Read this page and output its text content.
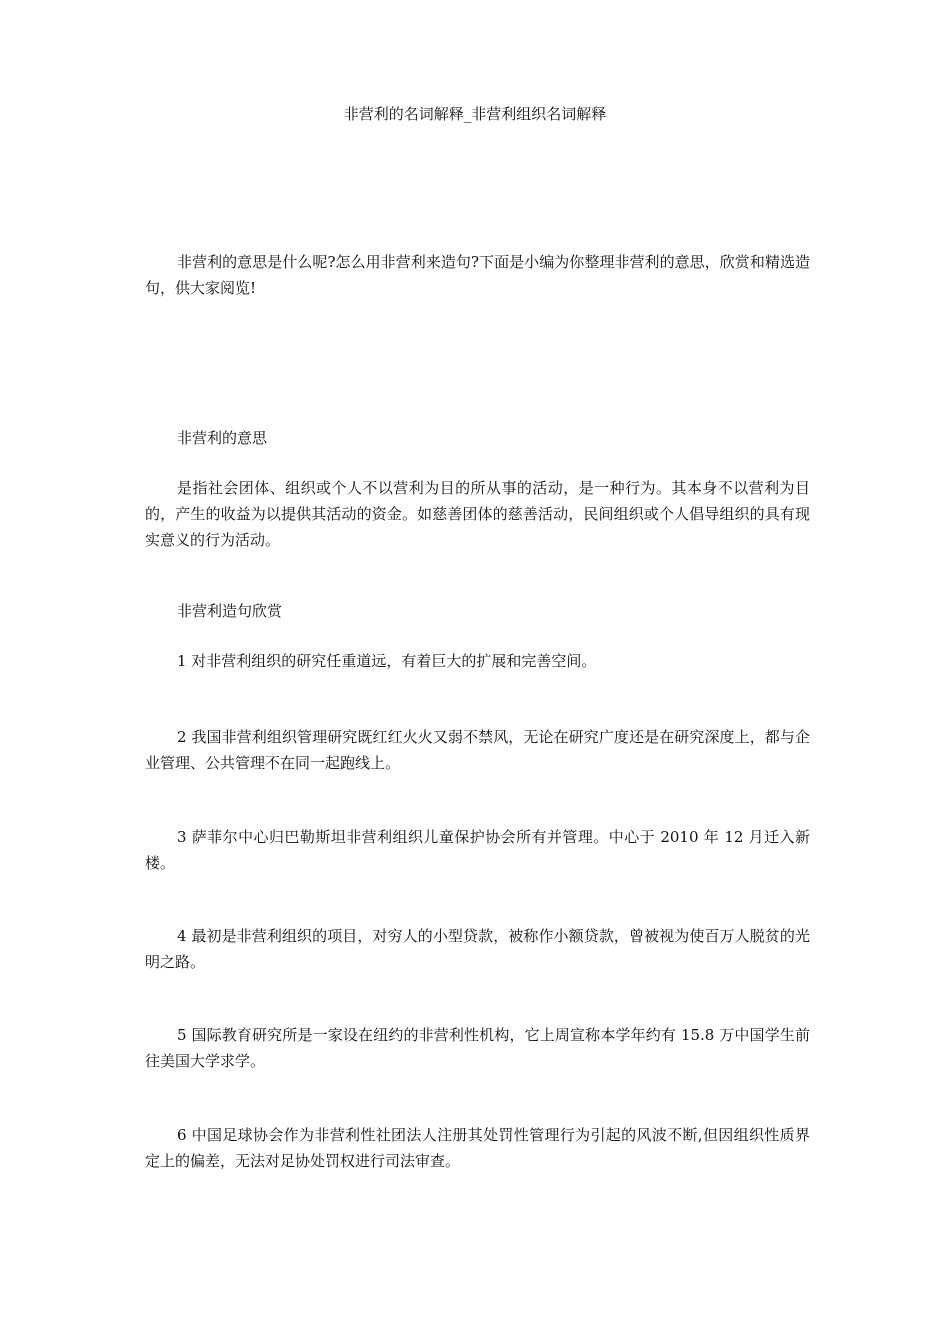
非营利的名词解释_非营利组织名词解释

非营利的意思是什么呢?怎么用非营利来造句?下面是小编为你整理非营利的意思，欣赏和精选造句，供大家阅览!

非营利的意思

是指社会团体、组织或个人不以营利为目的所从事的活动，是一种行为。其本身不以营利为目的，产生的收益为以提供其活动的资金。如慈善团体的慈善活动，民间组织或个人倡导组织的具有现实意义的行为活动。

非营利造句欣赏

1 对非营利组织的研究任重道远，有着巨大的扩展和完善空间。

2 我国非营利组织管理研究既红红火火又弱不禁风，无论在研究广度还是在研究深度上，都与企业管理、公共管理不在同一起跑线上。

3 萨菲尔中心归巴勒斯坦非营利组织儿童保护协会所有并管理。中心于 2010 年 12 月迁入新楼。

4 最初是非营利组织的项目，对穷人的小型贷款，被称作小额贷款，曾被视为使百万人脱贫的光明之路。

5 国际教育研究所是一家设在纽约的非营利性机构，它上周宣称本学年约有 15.8 万中国学生前往美国大学求学。

6 中国足球协会作为非营利性社团法人注册其处罚性管理行为引起的风波不断,但因组织性质界定上的偏差，无法对足协处罚权进行司法审查。
